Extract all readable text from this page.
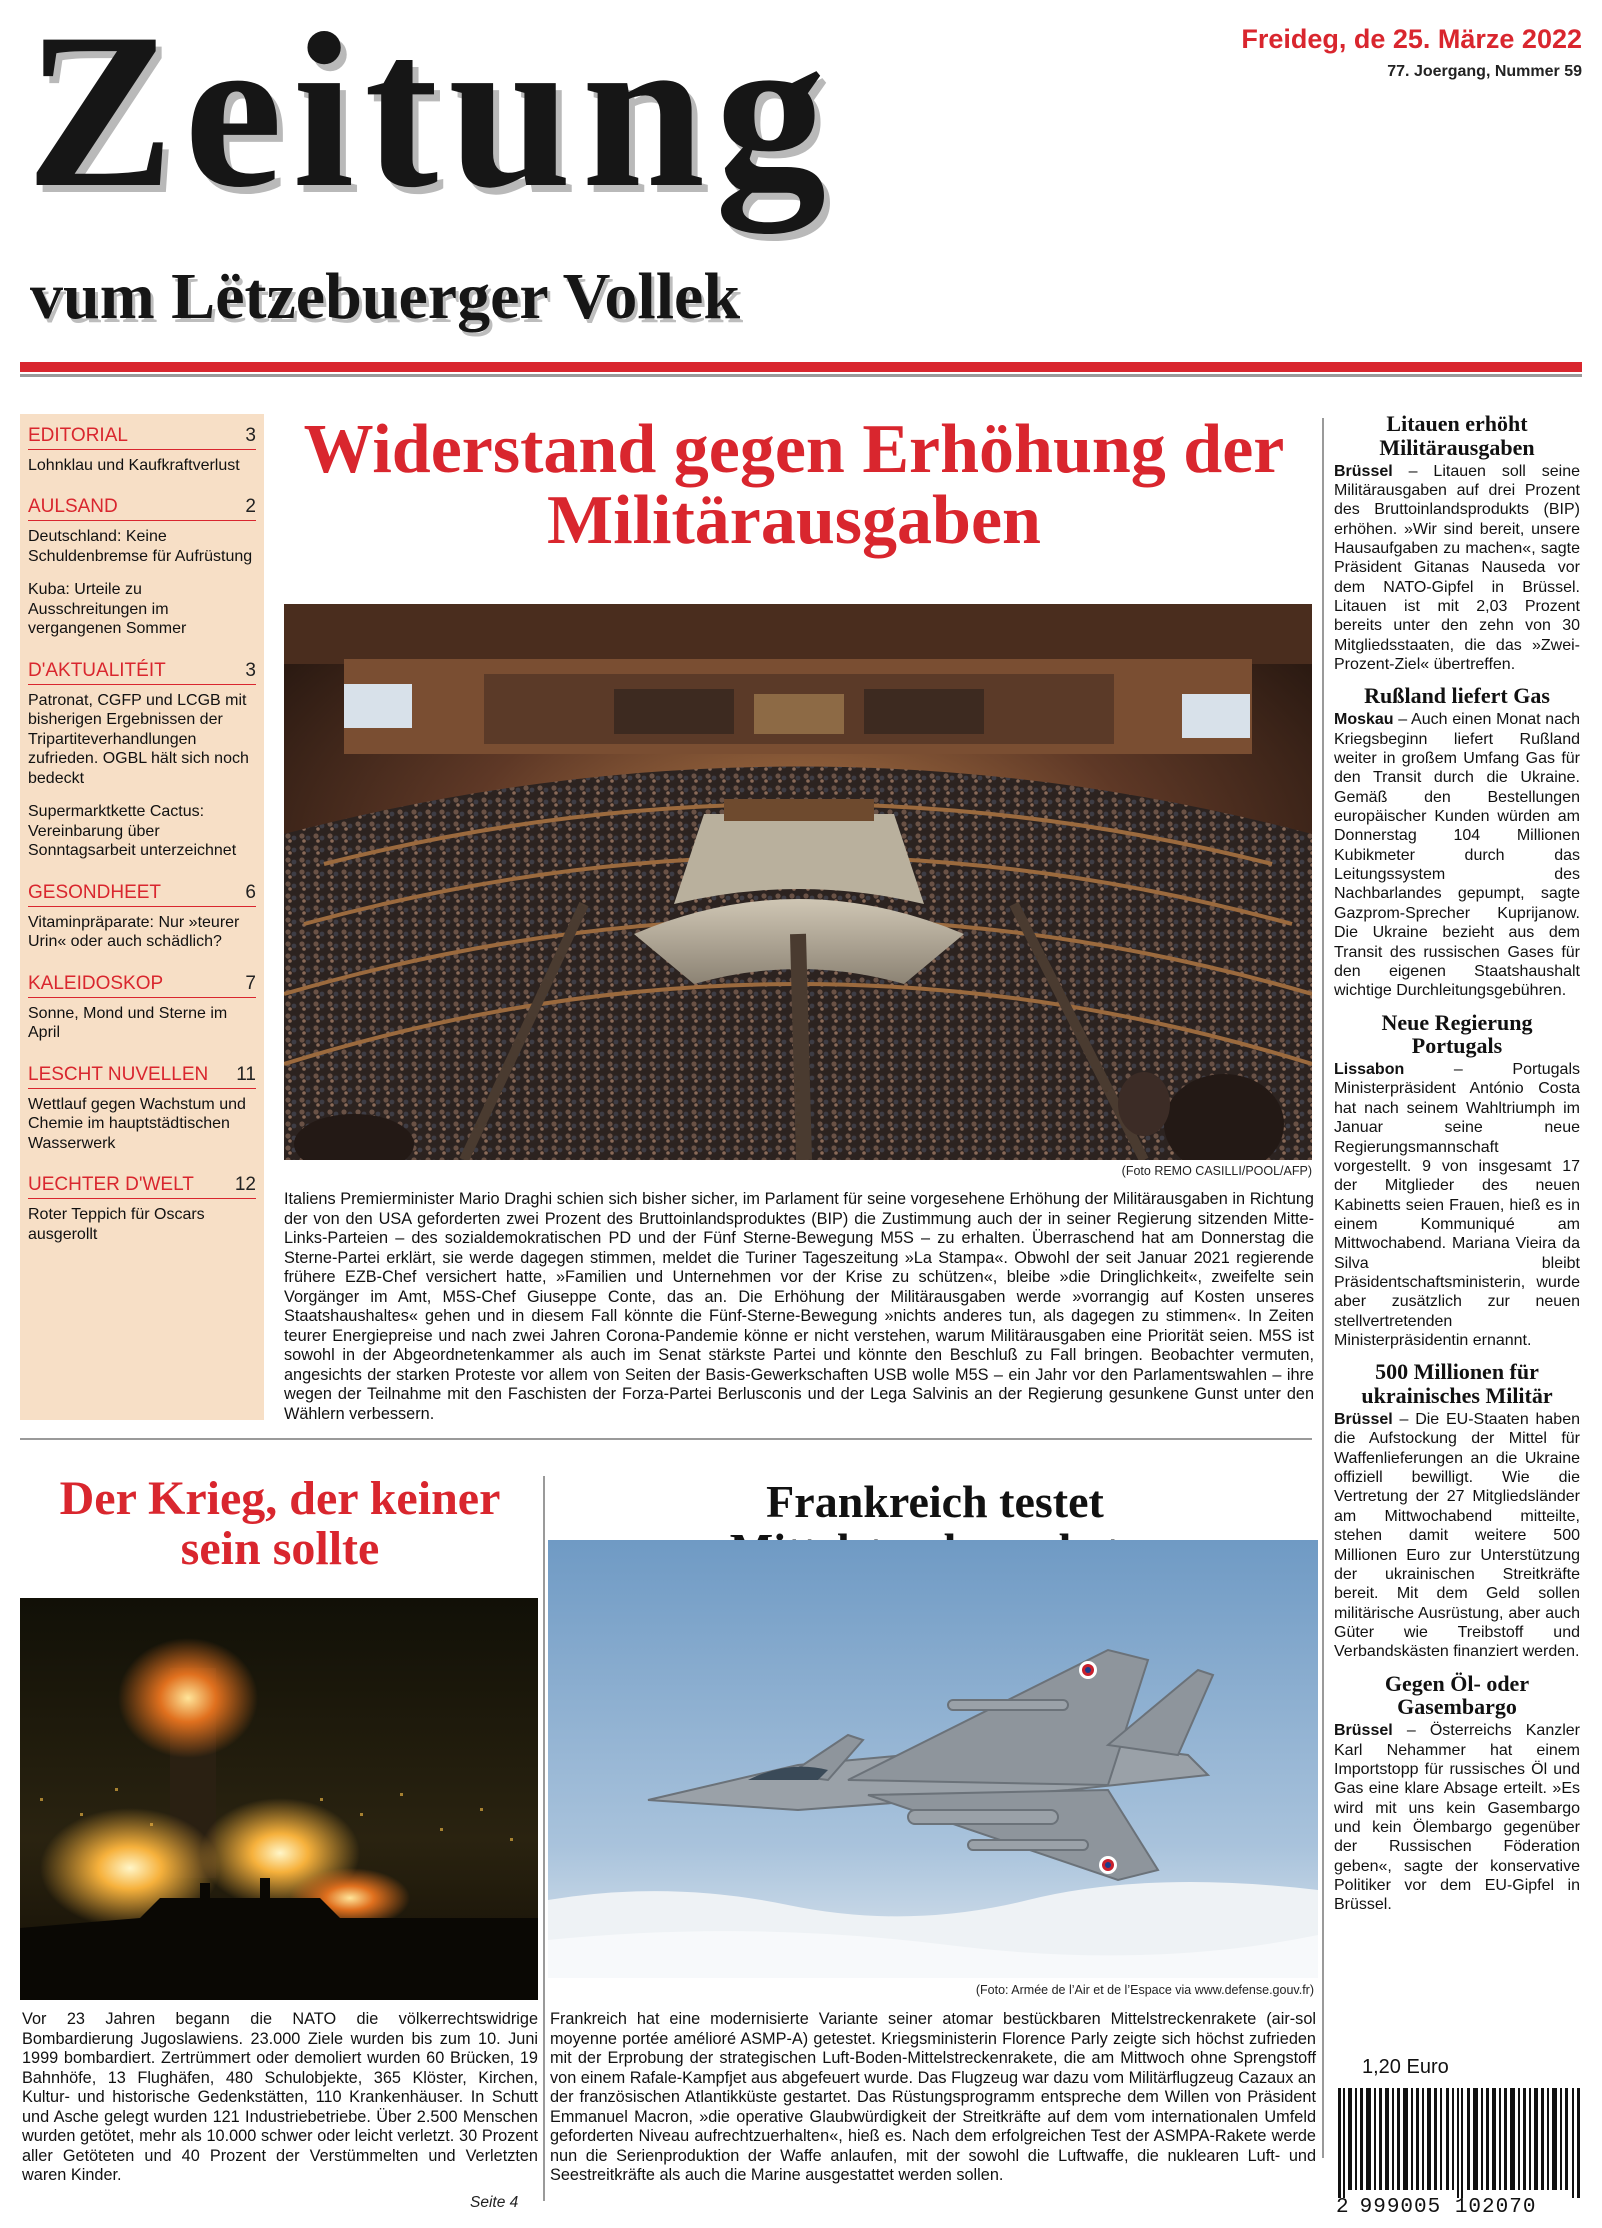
Zeitung
vum Lëtzebuerger Vollek
Freideg, de 25. Märze 2022
77. Joergang, Nummer 59
EDITORIAL	3
Lohnklau und Kaufkraftverlust
AULSAND	2
Deutschland: Keine Schuldenbremse für Aufrüstung
Kuba: Urteile zu Ausschreitungen im vergangenen Sommer
D'AKTUALITÉIT	3
Patronat, CGFP und LCGB mit bisherigen Ergebnissen der Tripartiteverhandlungen zufrieden. OGBL hält sich noch bedeckt
Supermarktkette Cactus: Vereinbarung über Sonntagsarbeit unterzeichnet
GESONDHEET	6
Vitaminpräparate: Nur »teurer Urin« oder auch schädlich?
KALEIDOSKOP	7
Sonne, Mond und Sterne im April
LESCHT NUVELLEN 11
Wettlauf gegen Wachstum und Chemie im hauptstädtischen Wasserwerk
UECHTER D'WELT 12
Roter Teppich für Oscars ausgerollt
Widerstand gegen Erhöhung der Militärausgaben
(Foto REMO CASILLI/POOL/AFP)
Italiens Premierminister Mario Draghi schien sich bisher sicher, im Parlament für seine vorgesehene Erhöhung der Militärausgaben in Richtung der von den USA geforderten zwei Prozent des Bruttoinlandsproduktes (BIP) die Zustimmung auch der in seiner Regierung sitzenden Mitte-Links-Parteien – des sozialdemokratischen PD und der Fünf Sterne-Bewegung M5S – zu erhalten. Überraschend hat am Donnerstag die Sterne-Partei erklärt, sie werde dagegen stimmen, meldet die Turiner Tageszeitung »La Stampa«. Obwohl der seit Januar 2021 regierende frühere EZB-Chef versichert hatte, »Familien und Unternehmen vor der Krise zu schützen«, bleibe »die Dringlichkeit«, zweifelte sein Vorgänger im Amt, M5S-Chef Giuseppe Conte, das an. Die Erhöhung der Militärausgaben werde »vorrangig auf Kosten unseres Staatshaushaltes« gehen und in diesem Fall könnte die Fünf-Sterne-Bewegung »nichts anderes tun, als dagegen zu stimmen«. In Zeiten teurer Energiepreise und nach zwei Jahren Corona-Pandemie könne er nicht verstehen, warum Militärausgaben eine Priorität seien. M5S ist sowohl in der Abgeordnetenkammer als auch im Senat stärkste Partei und könnte den Beschluß zu Fall bringen. Beobachter vermuten, angesichts der starken Proteste vor allem von Seiten der Basis-Gewerkschaften USB wolle M5S – ein Jahr vor den Parlamentswahlen – ihre wegen der Teilnahme mit den Faschisten der Forza-Partei Berlusconis und der Lega Salvinis an der Regierung gesunkene Gunst unter den Wählern verbessern.
Litauen erhöht Militärausgaben
Brüssel – Litauen soll seine Militärausgaben auf drei Prozent des Bruttoinlandsprodukts (BIP) erhöhen. »Wir sind bereit, unsere Hausaufgaben zu machen«, sagte Präsident Gitanas Nauseda vor dem NATO-Gipfel in Brüssel. Litauen ist mit 2,03 Prozent bereits unter den zehn von 30 Mitgliedsstaaten, die das »Zwei-Prozent-Ziel« übertreffen.
Rußland liefert Gas
Moskau – Auch einen Monat nach Kriegsbeginn liefert Rußland weiter in großem Umfang Gas für den Transit durch die Ukraine. Gemäß den Bestellungen europäischer Kunden würden am Donnerstag 104 Millionen Kubikmeter durch das Leitungssystem des Nachbarlandes gepumpt, sagte Gazprom-Sprecher Kuprijanow. Die Ukraine bezieht aus dem Transit des russischen Gases für den eigenen Staatshaushalt wichtige Durchleitungsgebühren.
Neue Regierung Portugals
Lissabon – Portugals Ministerpräsident António Costa hat nach seinem Wahltriumph im Januar seine neue Regierungsmannschaft vorgestellt. 9 von insgesamt 17 der Mitglieder des neuen Kabinetts seien Frauen, hieß es in einem Kommuniqué am Mittwochabend. Mariana Vieira da Silva bleibt Präsidentschaftsministerin, wurde aber zusätzlich zur neuen stellvertretenden Ministerpräsidentin ernannt.
500 Millionen für ukrainisches Militär
Brüssel – Die EU-Staaten haben die Aufstockung der Mittel für Waffenlieferungen an die Ukraine offiziell bewilligt. Wie die Vertretung der 27 Mitgliedsländer am Mittwochabend mitteilte, stehen damit weitere 500 Millionen Euro zur Unterstützung der ukrainischen Streitkräfte bereit. Mit dem Geld sollen militärische Ausrüstung, aber auch Güter wie Treibstoff und Verbandskästen finanziert werden.
Gegen Öl- oder Gasembargo
Brüssel – Österreichs Kanzler Karl Nehammer hat einem Importstopp für russisches Öl und Gas eine klare Absage erteilt. »Es wird mit uns kein Gasembargo und kein Ölembargo gegenüber der Russischen Föderation geben«, sagte der konservative Politiker vor dem EU-Gipfel in Brüssel.
Der Krieg, der keiner sein sollte
Vor 23 Jahren begann die NATO die völkerrechtswidrige Bombardierung Jugoslawiens. 23.000 Ziele wurden bis zum 10. Juni 1999 bombardiert. Zertrümmert oder demoliert wurden 60 Brücken, 19 Bahnhöfe, 13 Flughäfen, 480 Schulobjekte, 365 Klöster, Kirchen, Kultur- und historische Gedenkstätten, 110 Krankenhäuser. In Schutt und Asche gelegt wurden 121 Industriebetriebe. Über 2.500 Menschen wurden getötet, mehr als 10.000 schwer oder leicht verletzt. 30 Prozent aller Getöteten und 40 Prozent der Verstümmelten und Verletzten waren Kinder.
Seite 4
Frankreich testet
(Foto: Armée de l’Air et de l’Espace via www.defense.gouv.fr)
Frankreich hat eine modernisierte Variante seiner atomar bestückbaren Mittelstreckenrakete (air-sol moyenne portée amélioré ASMP-A) getestet. Kriegsministerin Florence Parly zeigte sich höchst zufrieden mit der Erprobung der strategischen Luft-Boden-Mittelstreckenrakete, die am Mittwoch ohne Sprengstoff von einem Rafale-Kampfjet aus abgefeuert wurde. Das Flugzeug war dazu vom Militärflugzeug Cazaux an der französischen Atlantikküste gestartet. Das Rüstungsprogramm entspreche dem Willen von Präsident Emmanuel Macron, »die operative Glaubwürdigkeit der Streitkräfte auf dem vom internationalen Umfeld geforderten Niveau aufrechtzuerhalten«, hieß es. Nach dem erfolgreichen Test der ASMPA-Rakete werde nun die Serienproduktion der Waffe anlaufen, mit der sowohl die Luftwaffe, die nuklearen Luft- und Seestreitkräfte als auch die Marine ausgestattet werden sollen.
1,20 Euro
2 999005 102070
